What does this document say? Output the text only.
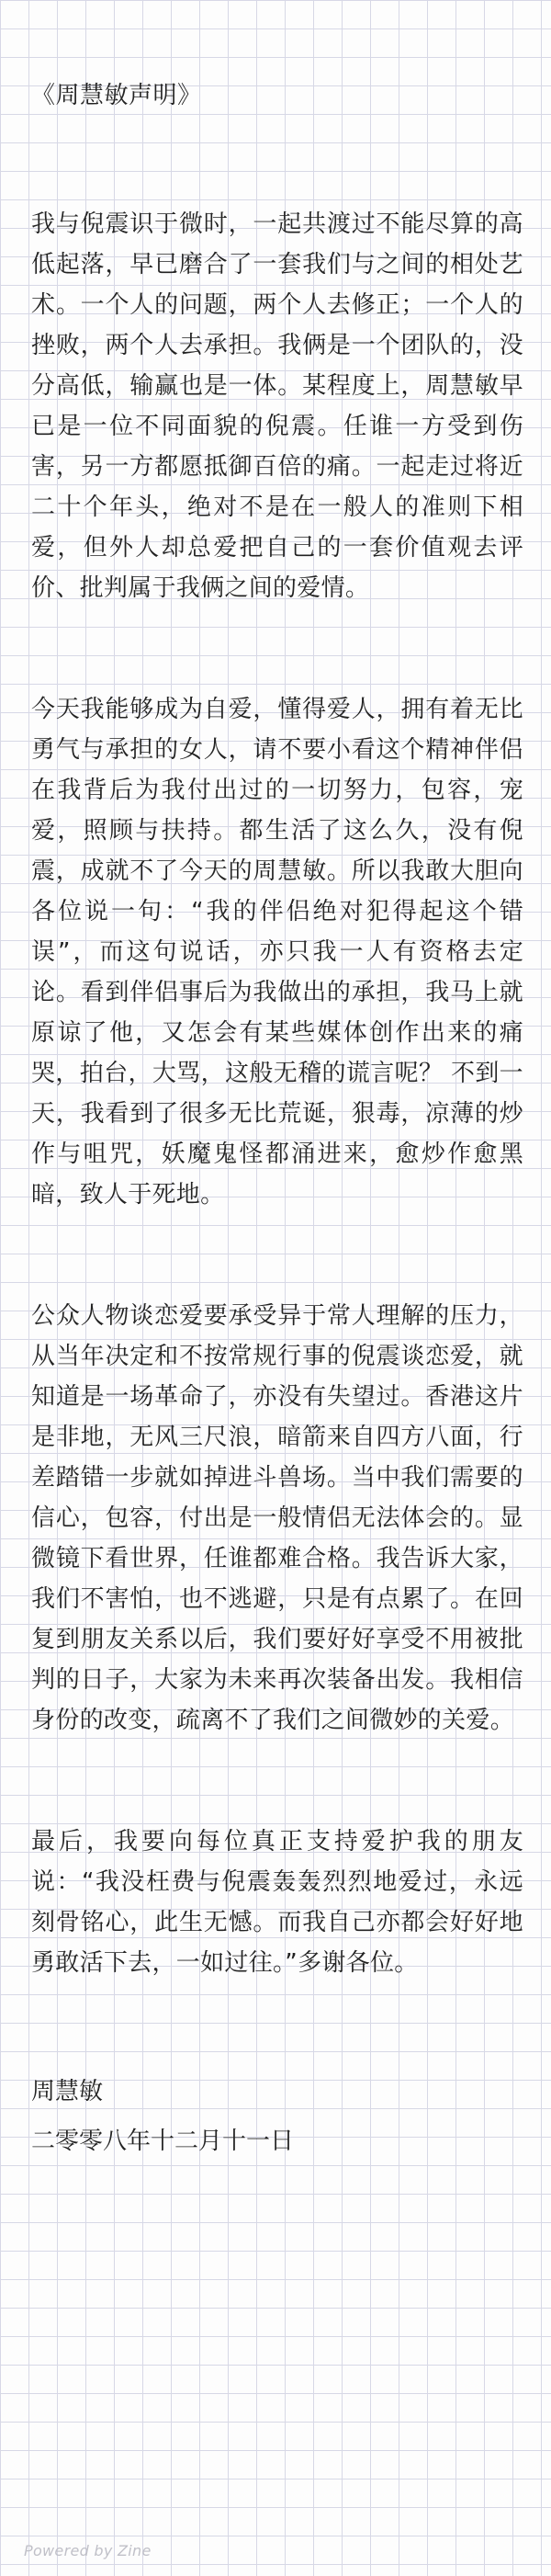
《周慧敏声明》

我与倪震识于微时，一起共渡过不能尽算的高低起落，早已磨合了一套我们与之间的相处艺术。一个人的问题，两个人去修正；一个人的挫败，两个人去承担。我俩是一个团队的，没分高低，输赢也是一体。某程度上，周慧敏早已是一位不同面貌的倪震。任谁一方受到伤害，另一方都愿抵御百倍的痛。一起走过将近二十个年头，绝对不是在一般人的准则下相爱，但外人却总爱把自己的一套价值观去评价、批判属于我俩之间的爱情。

今天我能够成为自爱，懂得爱人，拥有着无比勇气与承担的女人，请不要小看这个精神伴侣在我背后为我付出过的一切努力，包容，宠爱，照顾与扶持。都生活了这么久，没有倪震，成就不了今天的周慧敏。所以我敢大胆向各位说一句：“我的伴侣绝对犯得起这个错误”，而这句说话，亦只我一人有资格去定论。看到伴侣事后为我做出的承担，我马上就原谅了他，又怎会有某些媒体创作出来的痛哭，拍台，大骂，这般无稽的谎言呢？ 不到一天，我看到了很多无比荒诞，狠毒，凉薄的炒作与咀咒，妖魔鬼怪都涌进来，愈炒作愈黑暗，致人于死地。

公众人物谈恋爱要承受异于常人理解的压力，从当年决定和不按常规行事的倪震谈恋爱，就知道是一场革命了，亦没有失望过。香港这片是非地，无风三尺浪，暗箭来自四方八面，行差踏错一步就如掉进斗兽场。当中我们需要的信心，包容，付出是一般情侣无法体会的。显微镜下看世界，任谁都难合格。我告诉大家，我们不害怕，也不逃避，只是有点累了。在回复到朋友关系以后，我们要好好享受不用被批判的日子，大家为未来再次装备出发。我相信身份的改变，疏离不了我们之间微妙的关爱。

最后，我要向每位真正支持爱护我的朋友说：“我没枉费与倪震轰轰烈烈地爱过，永远刻骨铭心，此生无憾。而我自己亦都会好好地勇敢活下去，一如过往。”多谢各位。

周慧敏
二零零八年十二月十一日
Powered by Zine
